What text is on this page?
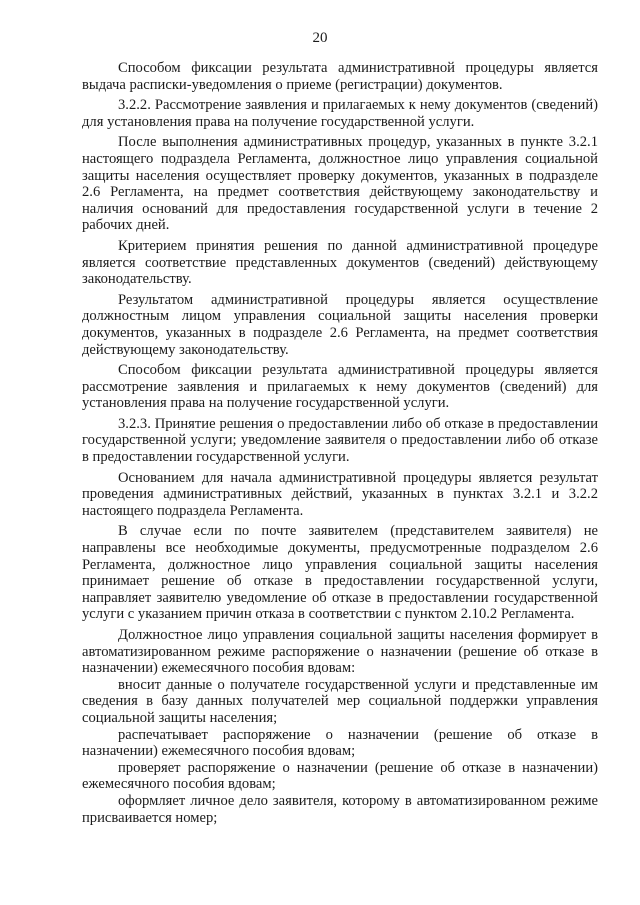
20

Способом фиксации результата административной процедуры является выдача расписки-уведомления о приеме (регистрации) документов.

3.2.2. Рассмотрение заявления и прилагаемых к нему документов (сведений) для установления права на получение государственной услуги.

После выполнения административных процедур, указанных в пункте 3.2.1 настоящего подраздела Регламента, должностное лицо управления социальной защиты населения осуществляет проверку документов, указанных в подразделе 2.6 Регламента, на предмет соответствия действующему законодательству и наличия оснований для предоставления государственной услуги в течение 2 рабочих дней.

Критерием принятия решения по данной административной процедуре является соответствие представленных документов (сведений) действующему законодательству.

Результатом административной процедуры является осуществление должностным лицом управления социальной защиты населения проверки документов, указанных в подразделе 2.6 Регламента, на предмет соответствия действующему законодательству.

Способом фиксации результата административной процедуры является рассмотрение заявления и прилагаемых к нему документов (сведений) для установления права на получение государственной услуги.

3.2.3. Принятие решения о предоставлении либо об отказе в предоставлении государственной услуги; уведомление заявителя о предоставлении либо об отказе в предоставлении государственной услуги.

Основанием для начала административной процедуры является результат проведения административных действий, указанных в пунктах 3.2.1 и 3.2.2 настоящего подраздела Регламента.

В случае если по почте заявителем (представителем заявителя) не направлены все необходимые документы, предусмотренные подразделом 2.6 Регламента, должностное лицо управления социальной защиты населения принимает решение об отказе в предоставлении государственной услуги, направляет заявителю уведомление об отказе в предоставлении государственной услуги с указанием причин отказа в соответствии с пунктом 2.10.2 Регламента.

Должностное лицо управления социальной защиты населения формирует в автоматизированном режиме распоряжение о назначении (решение об отказе в назначении) ежемесячного пособия вдовам:

вносит данные о получателе государственной услуги и представленные им сведения в базу данных получателей мер социальной поддержки управления социальной защиты населения;

распечатывает распоряжение о назначении (решение об отказе в назначении) ежемесячного пособия вдовам;

проверяет распоряжение о назначении (решение об отказе в назначении) ежемесячного пособия вдовам;

оформляет личное дело заявителя, которому в автоматизированном режиме присваивается номер;
